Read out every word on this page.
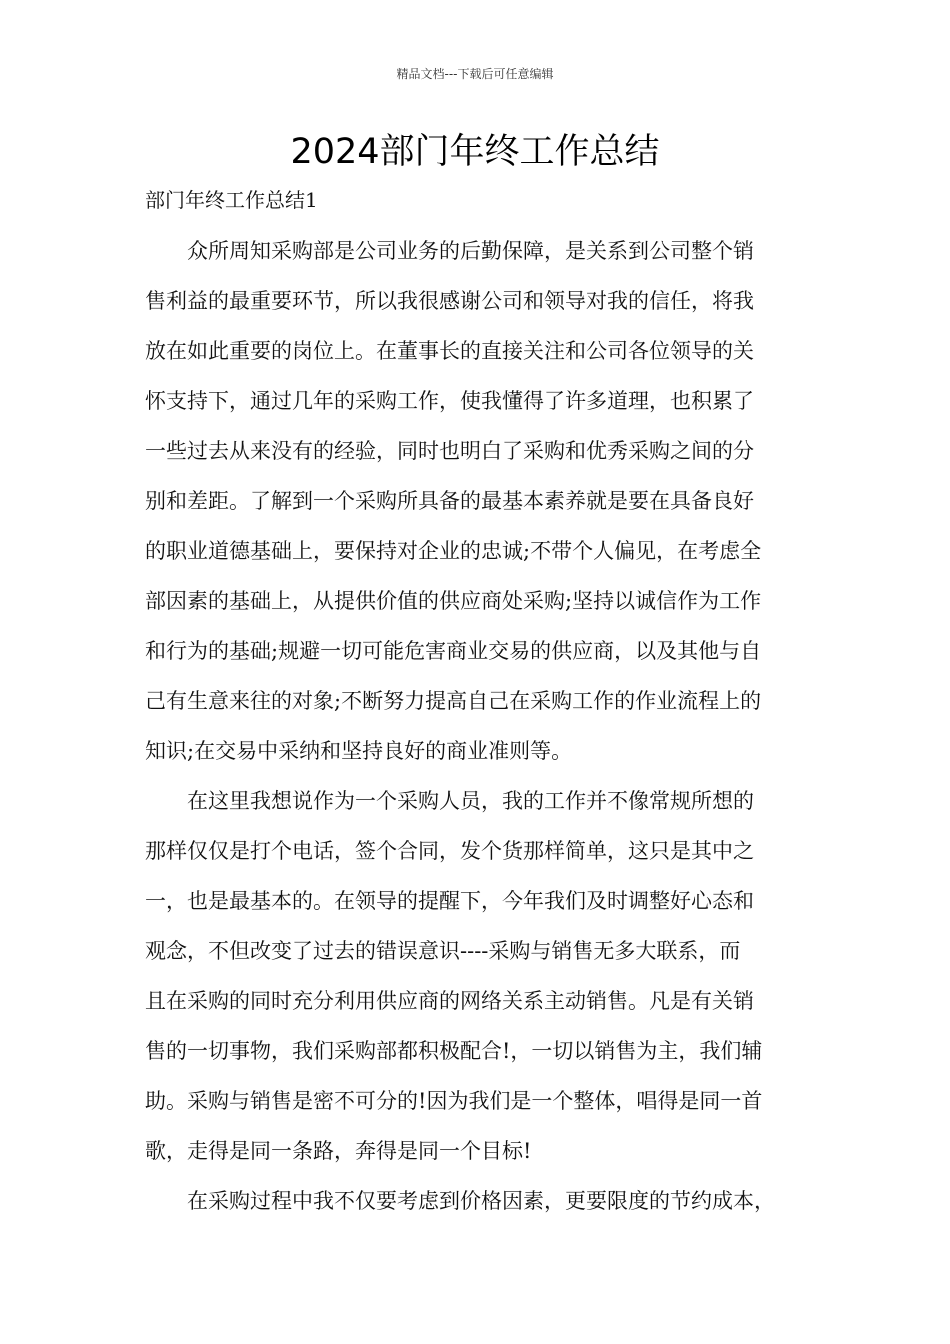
精品文档---下载后可任意编辑
2024部门年终工作总结
部门年终工作总结1
　　众所周知采购部是公司业务的后勤保障，是关系到公司整个销
售利益的最重要环节，所以我很感谢公司和领导对我的信任，将我
放在如此重要的岗位上。在董事长的直接关注和公司各位领导的关
怀支持下，通过几年的采购工作，使我懂得了许多道理，也积累了
一些过去从来没有的经验，同时也明白了采购和优秀采购之间的分
别和差距。了解到一个采购所具备的最基本素养就是要在具备良好
的职业道德基础上，要保持对企业的忠诚;不带个人偏见，在考虑全
部因素的基础上，从提供价值的供应商处采购;坚持以诚信作为工作
和行为的基础;规避一切可能危害商业交易的供应商，以及其他与自
己有生意来往的对象;不断努力提高自己在采购工作的作业流程上的
知识;在交易中采纳和坚持良好的商业准则等。
　　在这里我想说作为一个采购人员，我的工作并不像常规所想的
那样仅仅是打个电话，签个合同，发个货那样简单，这只是其中之
一，也是最基本的。在领导的提醒下，今年我们及时调整好心态和
观念，不但改变了过去的错误意识----采购与销售无多大联系，而
且在采购的同时充分利用供应商的网络关系主动销售。凡是有关销
售的一切事物，我们采购部都积极配合!，一切以销售为主，我们辅
助。采购与销售是密不可分的!因为我们是一个整体，唱得是同一首
歌，走得是同一条路，奔得是同一个目标!
　　在采购过程中我不仅要考虑到价格因素，更要限度的节约成本，
